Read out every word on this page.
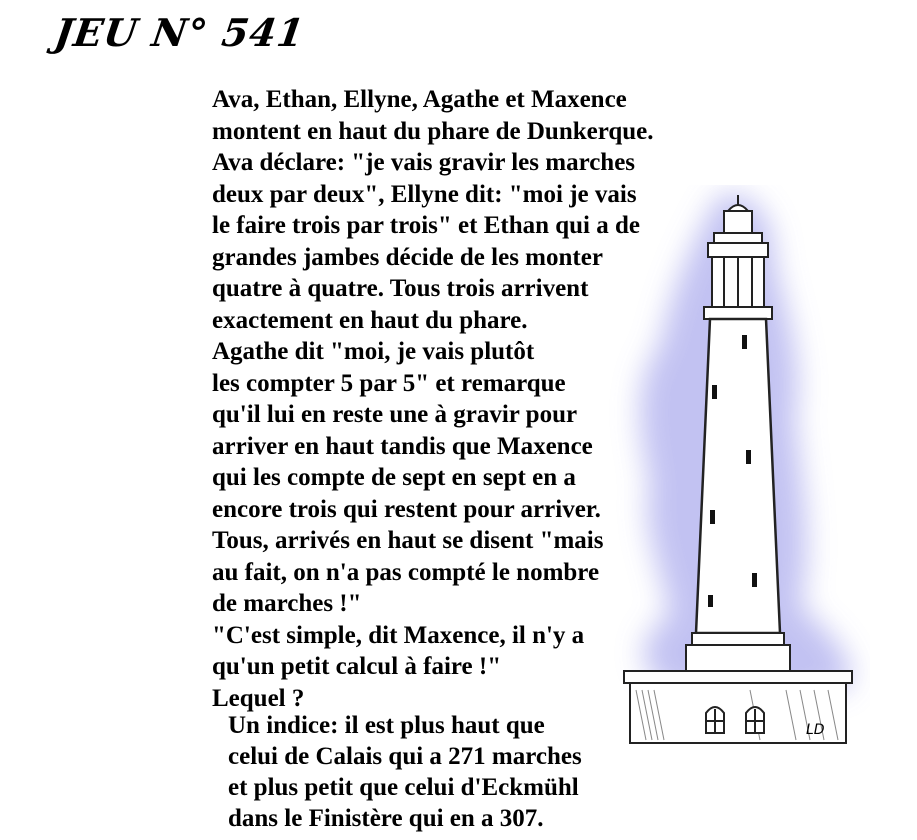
JEU N° 541
Ava, Ethan, Ellyne, Agathe et Maxence
montent en haut du phare de Dunkerque.
Ava déclare: "je vais gravir les marches
deux par deux", Ellyne dit: "moi je vais
le faire trois par trois" et Ethan qui a de
grandes jambes décide de les monter
quatre à quatre. Tous trois arrivent
exactement en haut du phare.
Agathe dit "moi, je vais plutôt
les compter 5 par 5" et remarque
qu'il lui en reste une à gravir pour
arriver en haut tandis que Maxence
qui les compte de sept en sept en a
encore trois qui restent pour arriver.
Tous, arrivés en haut se disent "mais
au fait, on n'a pas compté le nombre
de marches !"
"C'est simple, dit Maxence, il n'y a
qu'un petit calcul à faire !"
Lequel ?
Un indice: il est plus haut que
celui de Calais qui a 271 marches
et plus petit que celui d'Eckmühl
dans le Finistère qui en a 307.
LD
